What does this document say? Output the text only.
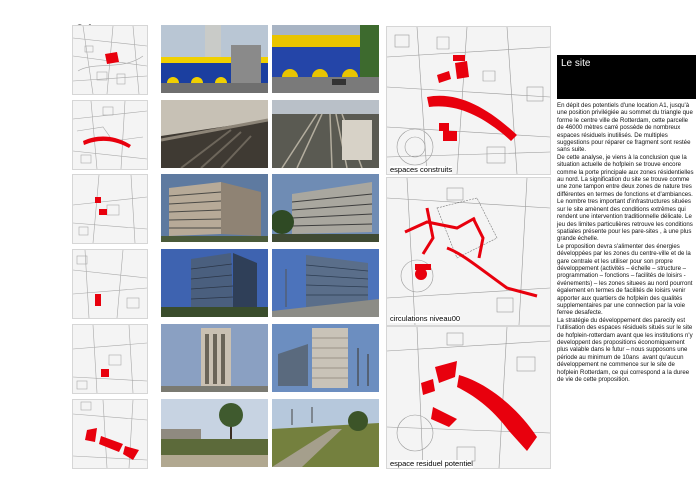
espaces construits
circulations niveau00
espace residuel potentiel
Le site
En dépit des potentiels d'une location A1, jusqu'à une position privilégiée au sommet du triangle que forme le centre ville de Rotterdam, cette parcelle de 46000 mètres carré possède de nombreux espaces résiduels inutilisés. De multiples suggestions pour réparer ce fragment sont restée sans suite.
De cette analyse, je viens à la conclusion que la situation actuelle de hofplein se trouve encore comme la porte principale aux zones résidentielles au nord. La signification du site se trouve comme une zone tampon entre deux zones de nature tres différentes en termes de fonctions et d'ambiances. Le nombre tres important d'infrastructures situées sur le site amènent des conditions extrêmes qui rendent une intervention traditionnelle délicate. Le jeu des limites particulières retrouve les conditions spatiales présente pour les pare-sites , à une plus grande échelle.
Le proposition devra s'alimenter des énergies développées par les zones du centre-ville et de la gare centrale et les utiliser pour son propre développement (activités – échelle – structure – programmation – fonctions – facilités de loisirs - événements) – les zones situees au nord pourront également en termes de facilités de loisirs venir apporter aux quartiers de hofplein des qualités supplementaires par une connection par la voie ferree desafecte.
La stratégie du développement des parecity est l'utilisation des espaces résiduels situés sur le site de hofplein-rotterdam avant que les institutions n'y developpent des propositions économiquement plus valable dans le futur – nous supposons une période au minimum de 10ans  avant qu'aucun développement ne commence sur le site de hofplein Rotterdam, ce qui correspond a la duree de vie de cette proposition.
